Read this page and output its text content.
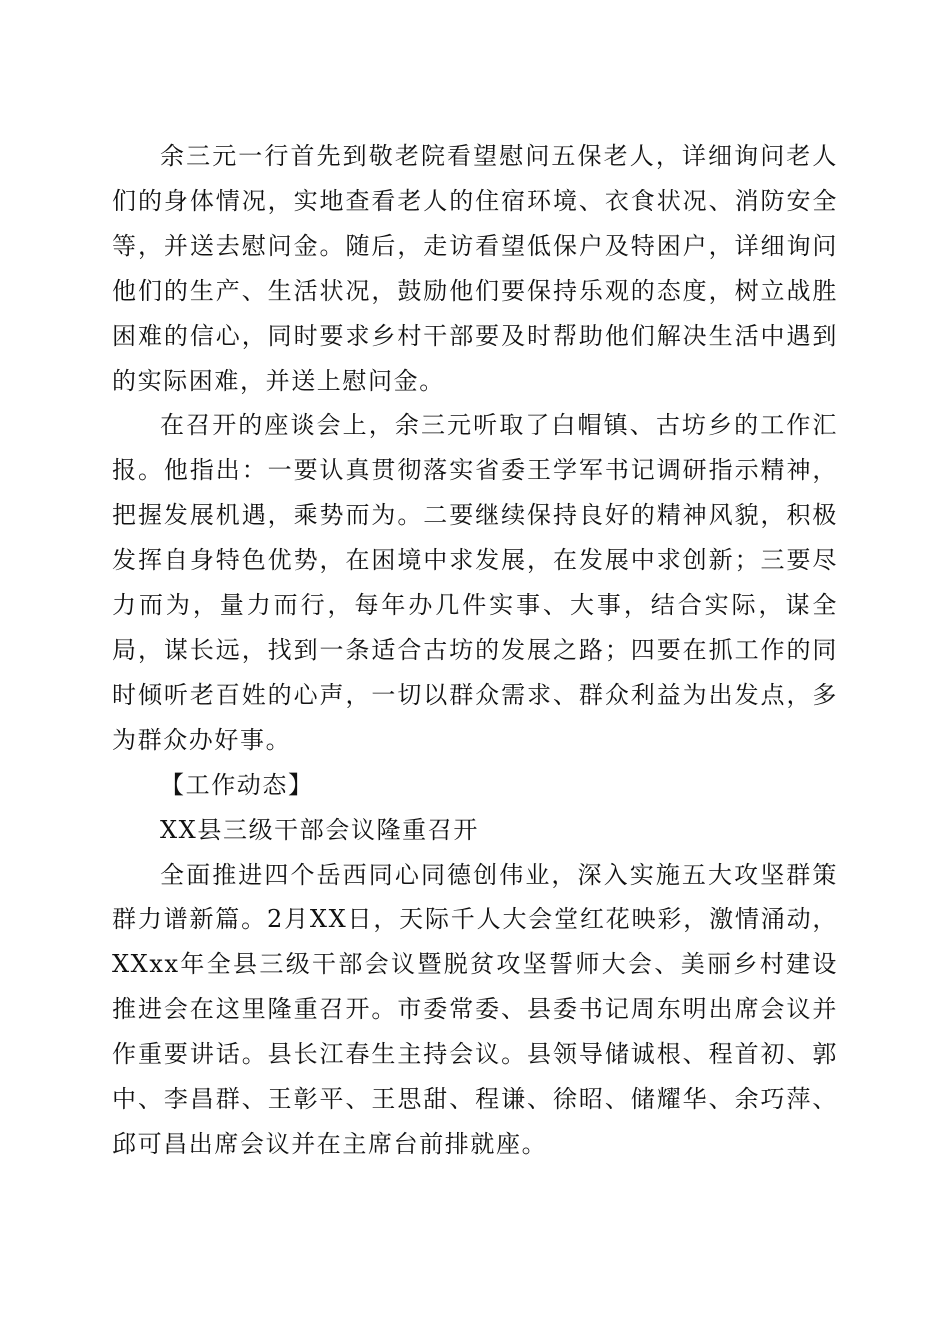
余三元一行首先到敬老院看望慰问五保老人，详细询问老人们的身体情况，实地查看老人的住宿环境、衣食状况、消防安全等，并送去慰问金。随后，走访看望低保户及特困户，详细询问他们的生产、生活状况，鼓励他们要保持乐观的态度，树立战胜困难的信心，同时要求乡村干部要及时帮助他们解决生活中遇到的实际困难，并送上慰问金。

在召开的座谈会上，余三元听取了白帽镇、古坊乡的工作汇报。他指出：一要认真贯彻落实省委王学军书记调研指示精神，把握发展机遇，乘势而为。二要继续保持良好的精神风貌，积极发挥自身特色优势，在困境中求发展，在发展中求创新；三要尽力而为，量力而行，每年办几件实事、大事，结合实际，谋全局，谋长远，找到一条适合古坊的发展之路；四要在抓工作的同时倾听老百姓的心声，一切以群众需求、群众利益为出发点，多为群众办好事。

【工作动态】

XX县三级干部会议隆重召开

全面推进四个岳西同心同德创伟业，深入实施五大攻坚群策群力谱新篇。2月XX日，天际千人大会堂红花映彩，激情涌动，XXxx年全县三级干部会议暨脱贫攻坚誓师大会、美丽乡村建设推进会在这里隆重召开。市委常委、县委书记周东明出席会议并作重要讲话。县长江春生主持会议。县领导储诚根、程首初、郭中、李昌群、王彰平、王思甜、程谦、徐昭、储耀华、余巧萍、邱可昌出席会议并在主席台前排就座。
